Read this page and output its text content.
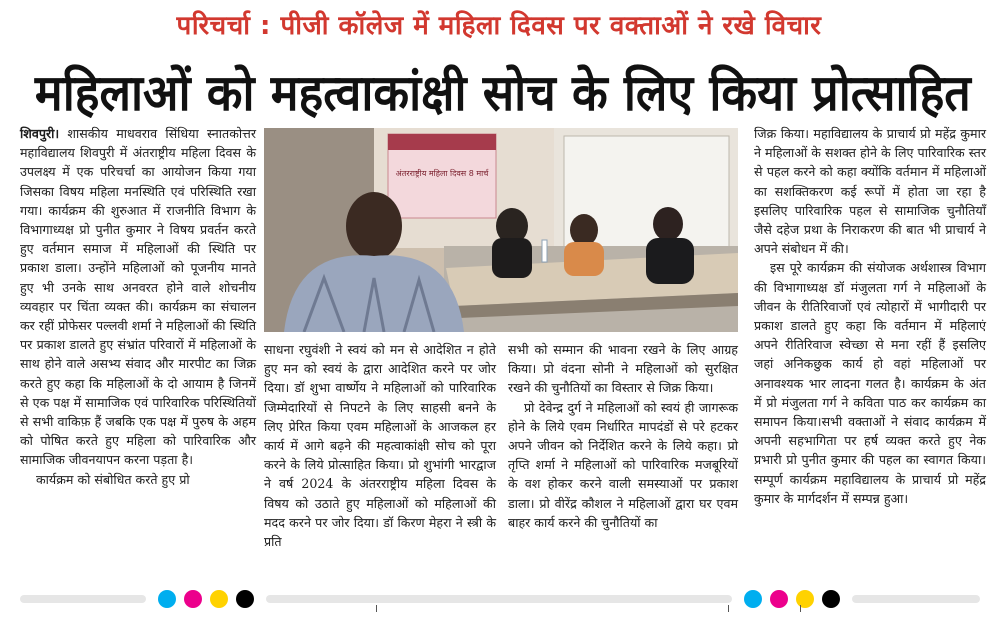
परिचर्चा : पीजी कॉलेज में महिला दिवस पर वक्ताओं ने रखे विचार
महिलाओं को महत्वाकांक्षी सोच के लिए किया प्रोत्साहित

शिवपुरी। शासकीय माधवराव सिंधिया स्नातकोत्तर महाविद्यालय शिवपुरी में अंतराष्ट्रीय महिला दिवस के उपलक्ष्य में एक परिचर्चा का आयोजन किया गया जिसका विषय महिला मनस्थिति एवं परिस्थिति रखा गया। कार्यक्रम की शुरुआत में राजनीति विभाग के विभागाध्यक्ष प्रो पुनीत कुमार ने विषय प्रवर्तन करते हुए वर्तमान समाज में महिलाओं की स्थिति पर प्रकाश डाला। उन्होंने महिलाओं को पूजनीय मानते हुए भी उनके साथ अनवरत होने वाले शोचनीय व्यवहार पर चिंता व्यक्त की। कार्यक्रम का संचालन कर रहीं प्रोफेसर पल्लवी शर्मा ने महिलाओं की स्थिति पर प्रकाश डालते हुए संभ्रांत परिवारों में महिलाओं के साथ होने वाले असभ्य संवाद और मारपीट का जिक्र करते हुए कहा कि महिलाओं के दो आयाम है जिनमें से एक पक्ष में सामाजिक एवं पारिवारिक परिस्थितियों से सभी वाकिफ़ हैं जबकि एक पक्ष में पुरुष के अहम को पोषित करते हुए महिला को पारिवारिक और सामाजिक जीवनयापन करना पड़ता है।

कार्यक्रम को संबोधित करते हुए प्रो

अंतरराष्ट्रीय महिला दिवस 8 मार्च

साधना रघुवंशी ने स्वयं को मन से आदेशित न होते हुए मन को स्वयं के द्वारा आदेशित करने पर जोर दिया। डॉ शुभा वार्ष्णेय ने महिलाओं को पारिवारिक जिम्मेदारियों से निपटने के लिए साहसी बनने के लिए प्रेरित किया एवम महिलाओं के आजकल हर कार्य में आगे बढ़ने की महत्वाकांक्षी सोच को पूरा करने के लिये प्रोत्साहित किया। प्रो शुभांगी भारद्वाज ने वर्ष 2024 के अंतरराष्ट्रीय महिला दिवस के विषय को उठाते हुए महिलाओं को महिलाओं की मदद करने पर जोर दिया। डॉ किरण मेहरा ने स्त्री के प्रति

सभी को सम्मान की भावना रखने के लिए आग्रह किया। प्रो वंदना सोनी ने महिलाओं को सुरक्षित रखने की चुनौतियों का विस्तार से जिक्र किया।

प्रो देवेन्द्र दुर्ग ने महिलाओं को स्वयं ही जागरूक होने के लिये एवम निर्धारित मापदंडों से परे हटकर अपने जीवन को निर्देशित करने के लिये कहा। प्रो तृप्ति शर्मा ने महिलाओं को पारिवारिक मजबूरियों के वश होकर करने वाली समस्याओं पर प्रकाश डाला। प्रो वीरेंद्र कौशल ने महिलाओं द्वारा घर एवम बाहर कार्य करने की चुनौतियों का

जिक्र किया। महाविद्यालय के प्राचार्य प्रो महेंद्र कुमार ने महिलाओं के सशक्त होने के लिए पारिवारिक स्तर से पहल करने को कहा क्योंकि वर्तमान में महिलाओं का सशक्तिकरण कई रूपों में होता जा रहा है इसलिए पारिवारिक पहल से सामाजिक चुनौतियाँ जैसे दहेज प्रथा के निराकरण की बात भी प्राचार्य ने अपने संबोधन में की।

इस पूरे कार्यक्रम की संयोजक अर्थशास्त्र विभाग की विभागाध्यक्ष डॉ मंजुलता गर्ग ने महिलाओं के जीवन के रीतिरिवाजों एवं त्योहारों में भागीदारी पर प्रकाश डालते हुए कहा कि वर्तमान में महिलाएं अपने रीतिरिवाज स्वेच्छा से मना रहीं हैं इसलिए जहां अनिकछुक कार्य हो वहां महिलाओं पर अनावश्यक भार लादना गलत है। कार्यक्रम के अंत में प्रो मंजुलता गर्ग ने कविता पाठ कर कार्यक्रम का समापन किया।सभी वक्ताओं ने संवाद कार्यक्रम में अपनी सहभागिता पर हर्ष व्यक्त करते हुए नेक प्रभारी प्रो पुनीत कुमार की पहल का स्वागत किया।सम्पूर्ण कार्यक्रम महाविद्यालय के प्राचार्य प्रो महेंद्र कुमार के मार्गदर्शन में सम्पन्न हुआ।
